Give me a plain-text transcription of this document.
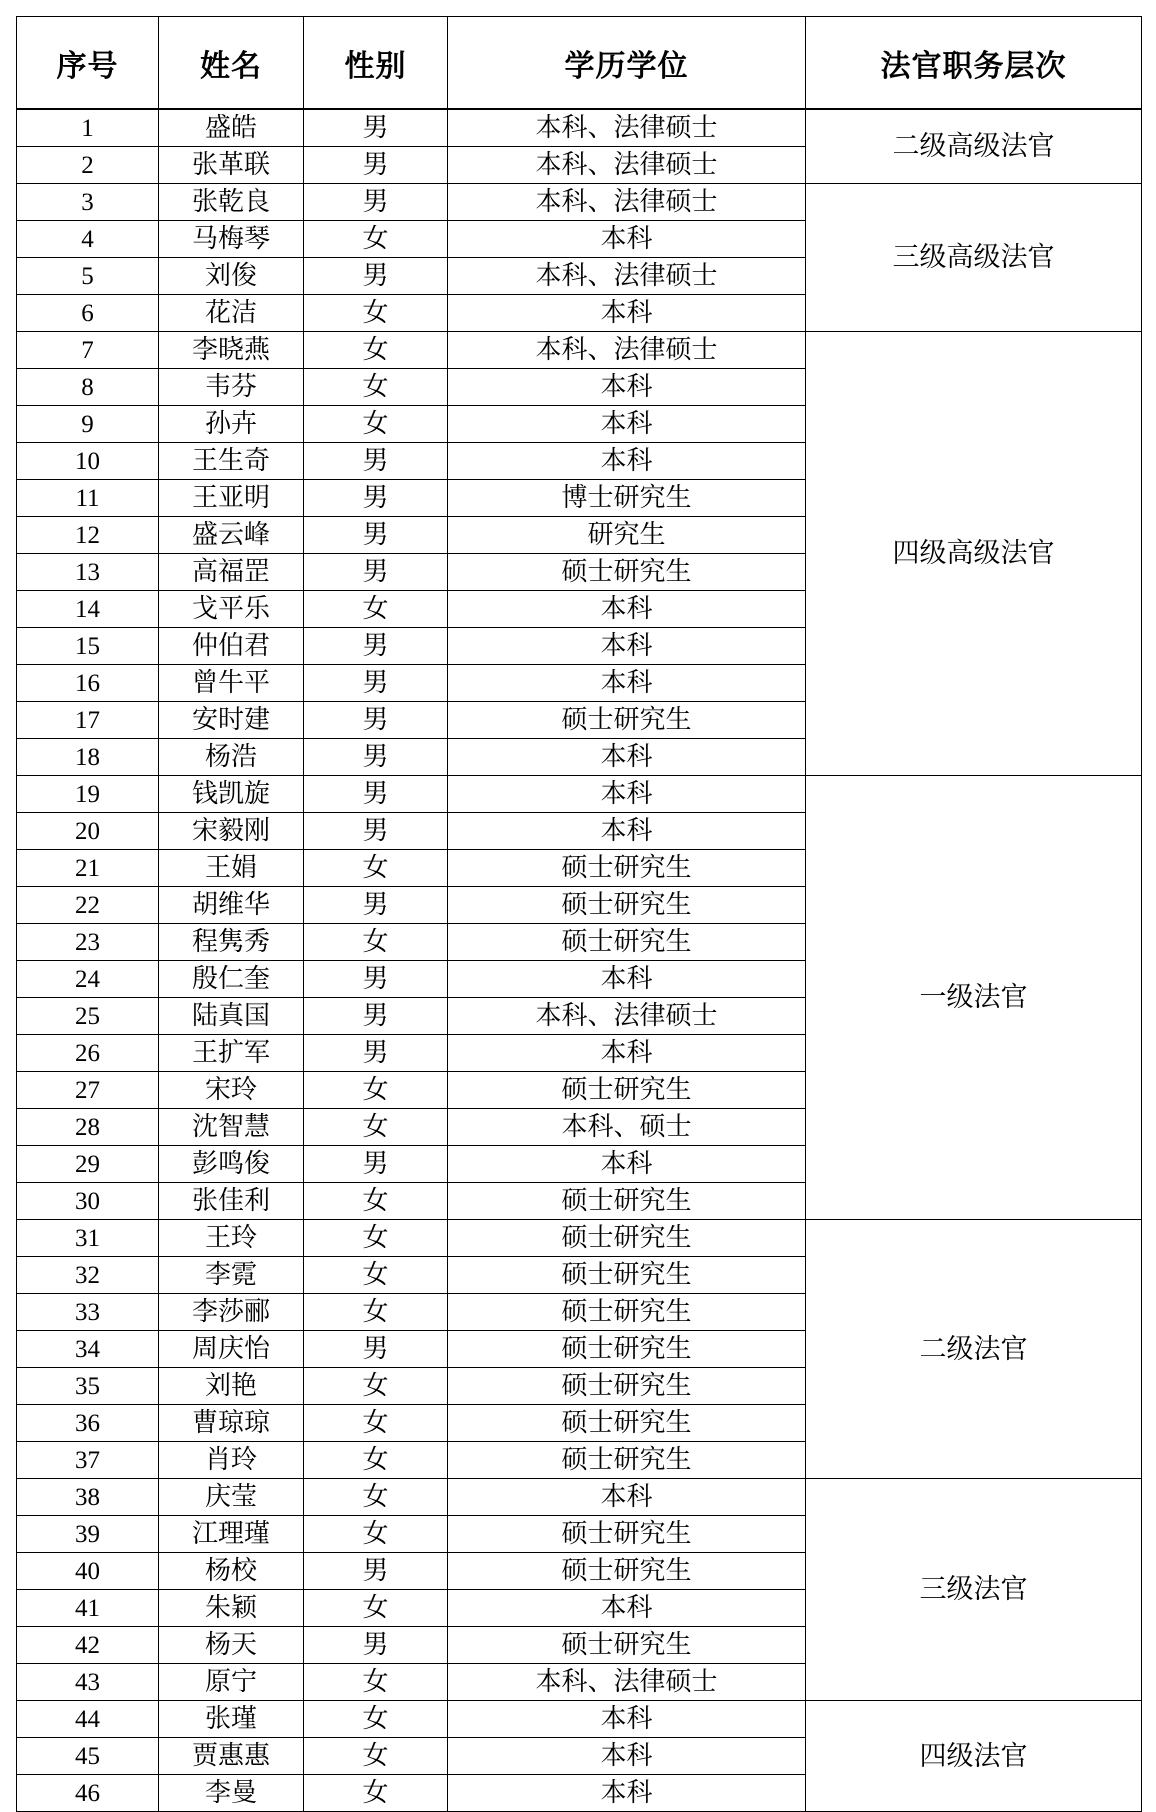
序号	姓名	性别	学历学位	法官职务层次
1	盛皓	男	本科、法律硕士	二级高级法官
2	张革联	男	本科、法律硕士	
3	张乾良	男	本科、法律硕士	三级高级法官
4	马梅琴	女	本科	
5	刘俊	男	本科、法律硕士	
6	花洁	女	本科	
7	李晓燕	女	本科、法律硕士	四级高级法官
8	韦芬	女	本科	
9	孙卉	女	本科	
10	王生奇	男	本科	
11	王亚明	男	博士研究生	
12	盛云峰	男	研究生	
13	高福罡	男	硕士研究生	
14	戈平乐	女	本科	
15	仲伯君	男	本科	
16	曾牛平	男	本科	
17	安时建	男	硕士研究生	
18	杨浩	男	本科	
19	钱凯旋	男	本科	一级法官
20	宋毅刚	男	本科	
21	王娟	女	硕士研究生	
22	胡维华	男	硕士研究生	
23	程隽秀	女	硕士研究生	
24	殷仁奎	男	本科	
25	陆真国	男	本科、法律硕士	
26	王扩军	男	本科	
27	宋玲	女	硕士研究生	
28	沈智慧	女	本科、硕士	
29	彭鸣俊	男	本科	
30	张佳利	女	硕士研究生	
31	王玲	女	硕士研究生	二级法官
32	李霓	女	硕士研究生	
33	李莎郦	女	硕士研究生	
34	周庆怡	男	硕士研究生	
35	刘艳	女	硕士研究生	
36	曹琼琼	女	硕士研究生	
37	肖玲	女	硕士研究生	
38	庆莹	女	本科	三级法官
39	江理瑾	女	硕士研究生	
40	杨校	男	硕士研究生	
41	朱颖	女	本科	
42	杨天	男	硕士研究生	
43	原宁	女	本科、法律硕士	
44	张瑾	女	本科	四级法官
45	贾惠惠	女	本科	
46	李曼	女	本科	
